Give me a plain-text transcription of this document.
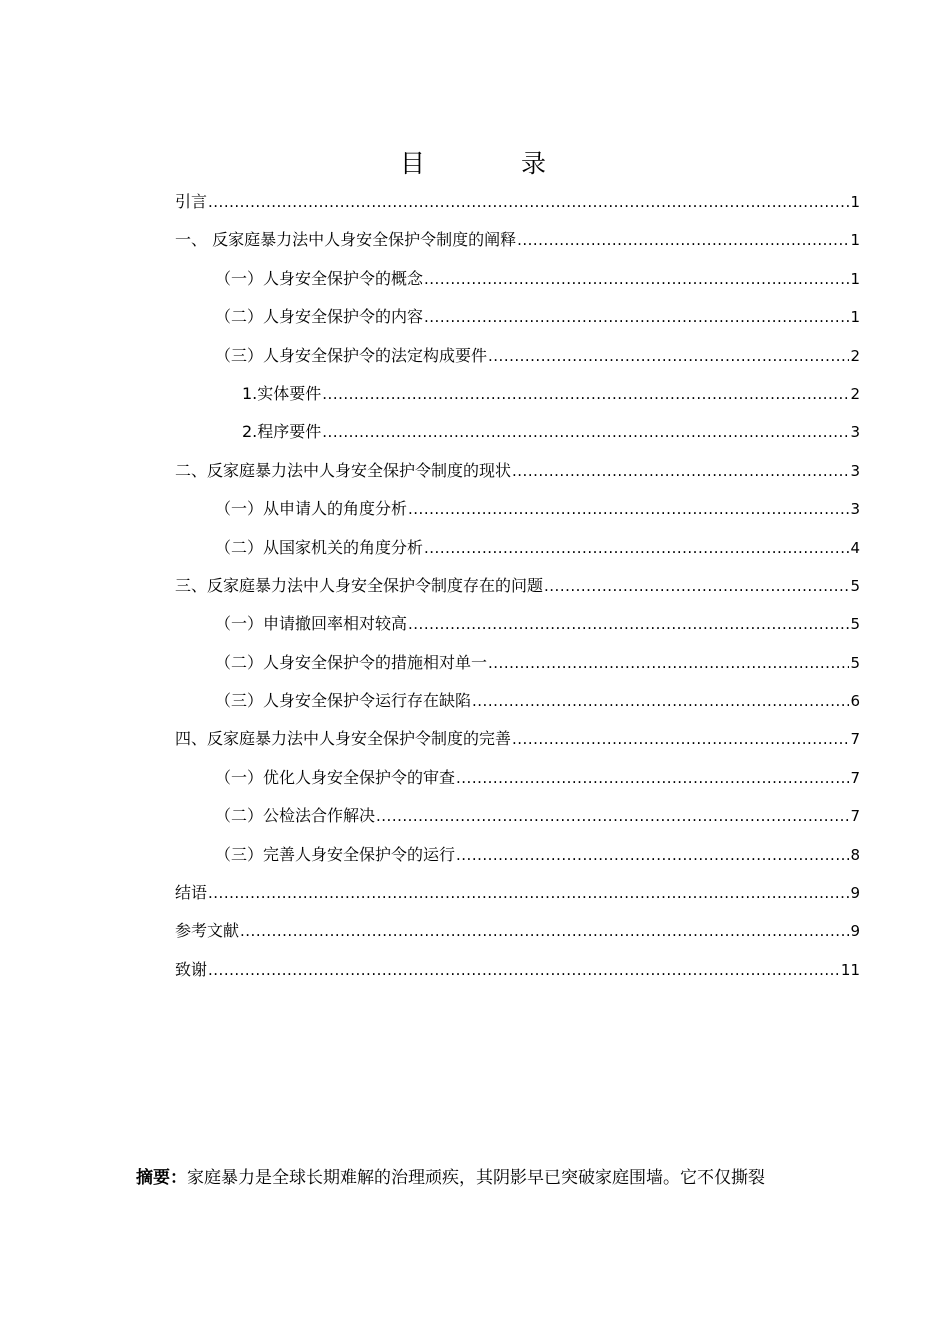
目 录
引言 .....	1
一、 反家庭暴力法中人身安全保护令制度的阐释 .....	1
（一）人身安全保护令的概念 .....	1
（二）人身安全保护令的内容 .....	1
（三）人身安全保护令的法定构成要件 .....	2
1.实体要件 .....	2
2.程序要件 .....	3
二、反家庭暴力法中人身安全保护令制度的现状 .....	3
（一）从申请人的角度分析 .....	3
（二）从国家机关的角度分析 .....	4
三、反家庭暴力法中人身安全保护令制度存在的问题 .....	5
（一）申请撤回率相对较高 .....	5
（二）人身安全保护令的措施相对单一 .....	5
（三）人身安全保护令运行存在缺陷 .....	6
四、反家庭暴力法中人身安全保护令制度的完善 .....	7
（一）优化人身安全保护令的审查 .....	7
（二）公检法合作解决 .....	7
（三）完善人身安全保护令的运行 .....	8
结语 .....	9
参考文献 .....	9
致谢 .....	11
摘要：家庭暴力是全球长期难解的治理顽疾，其阴影早已突破家庭围墙。它不仅撕裂
